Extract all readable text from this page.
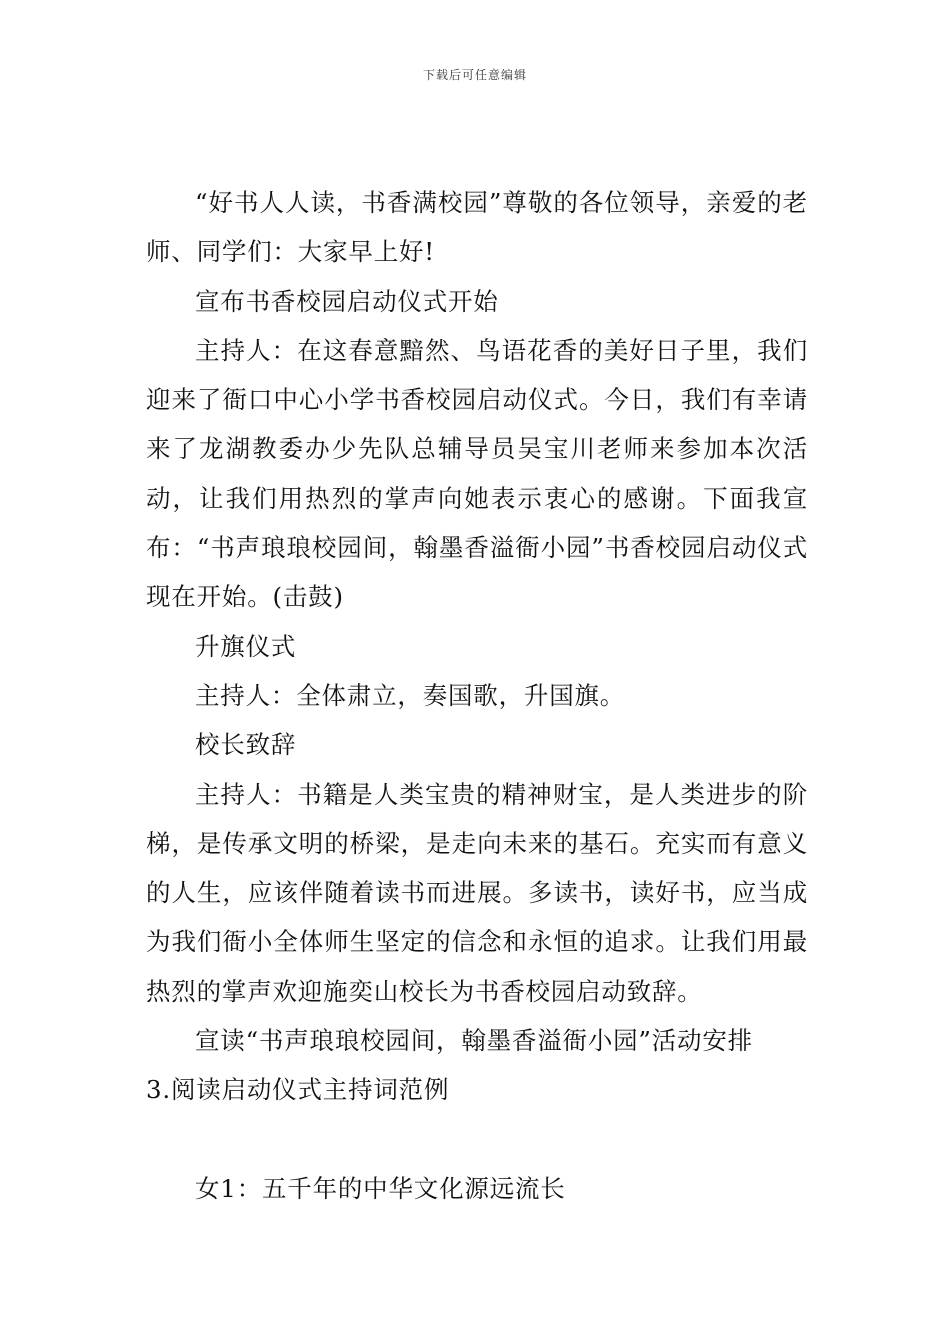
下载后可任意编辑

“好书人人读，书香满校园”尊敬的各位领导，亲爱的老师、同学们：大家早上好!

宣布书香校园启动仪式开始

主持人：在这春意黯然、鸟语花香的美好日子里，我们迎来了衙口中心小学书香校园启动仪式。今日，我们有幸请来了龙湖教委办少先队总辅导员吴宝川老师来参加本次活动，让我们用热烈的掌声向她表示衷心的感谢。下面我宣布：“书声琅琅校园间，翰墨香溢衙小园”书香校园启动仪式现在开始。(击鼓)

升旗仪式

主持人：全体肃立，奏国歌，升国旗。

校长致辞

主持人：书籍是人类宝贵的精神财宝，是人类进步的阶梯，是传承文明的桥梁，是走向未来的基石。充实而有意义的人生，应该伴随着读书而进展。多读书，读好书，应当成为我们衙小全体师生坚定的信念和永恒的追求。让我们用最热烈的掌声欢迎施奕山校长为书香校园启动致辞。

宣读“书声琅琅校园间，翰墨香溢衙小园”活动安排

3.阅读启动仪式主持词范例

女1：五千年的中华文化源远流长
